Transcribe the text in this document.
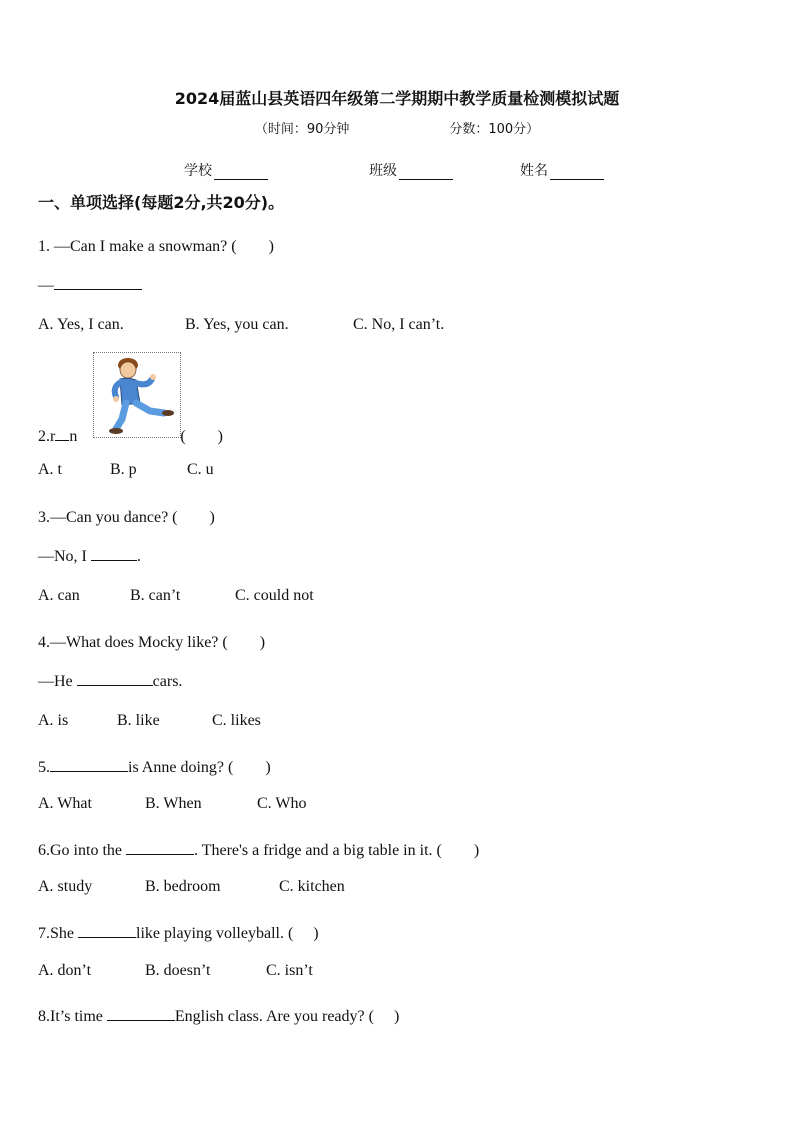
2024届蓝山县英语四年级第二学期期中教学质量检测模拟试题
（时间：90分钟	分数：100分）
学校	班级	姓名
一、单项选择(每题2分,共20分)。
1. —Can I make a snowman? (　　)
—
A. Yes, I can.	B. Yes, you can.	C. No, I can’t.
2.r n	(　　)
A. t	B. p	C. u
3.—Can you dance? (　　)
—No, I	.
A. can	B. can’t	C. could not
4.—What does Mocky like? (　　)
—He	cars.
A. is	B. like	C. likes
5.	is Anne doing? (　　)
A. What	B. When	C. Who
6.Go into the	. There's a fridge and a big table in it. (　　)
A. study	B. bedroom	C. kitchen
7.She	like playing volleyball. (　 )
A. don’t	B. doesn’t	C. isn’t
8.It’s time	English class. Are you ready? (　 )
